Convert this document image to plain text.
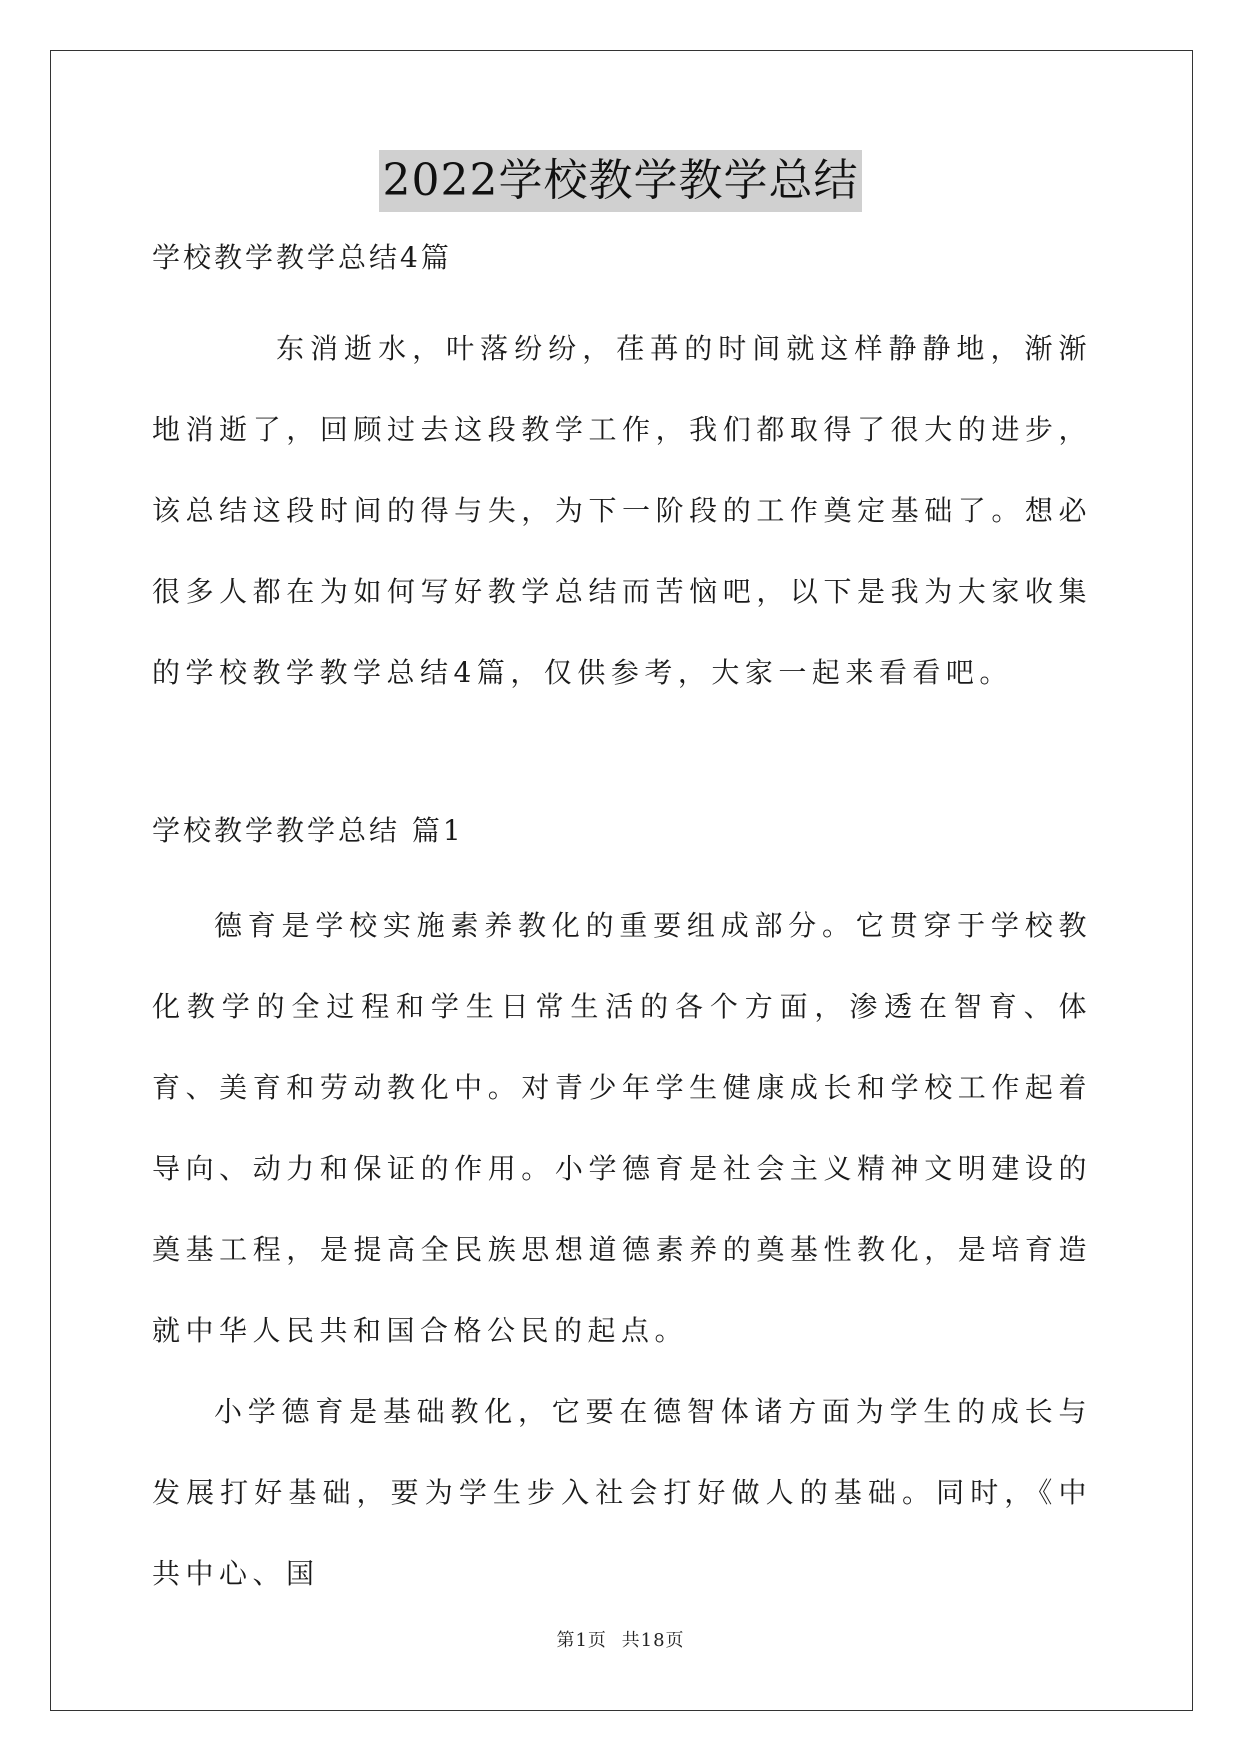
2022学校教学教学总结

学校教学教学总结4篇

东消逝水，叶落纷纷，荏苒的时间就这样静静地，渐渐地消逝了，回顾过去这段教学工作，我们都取得了很大的进步，该总结这段时间的得与失，为下一阶段的工作奠定基础了。想必很多人都在为如何写好教学总结而苦恼吧，以下是我为大家收集的学校教学教学总结4篇，仅供参考，大家一起来看看吧。

学校教学教学总结 篇1

德育是学校实施素养教化的重要组成部分。它贯穿于学校教化教学的全过程和学生日常生活的各个方面，渗透在智育、体育、美育和劳动教化中。对青少年学生健康成长和学校工作起着导向、动力和保证的作用。小学德育是社会主义精神文明建设的奠基工程，是提高全民族思想道德素养的奠基性教化，是培育造就中华人民共和国合格公民的起点。

小学德育是基础教化，它要在德智体诸方面为学生的成长与发展打好基础，要为学生步入社会打好做人的基础。同时，《中共中心、国

第1页 共18页
